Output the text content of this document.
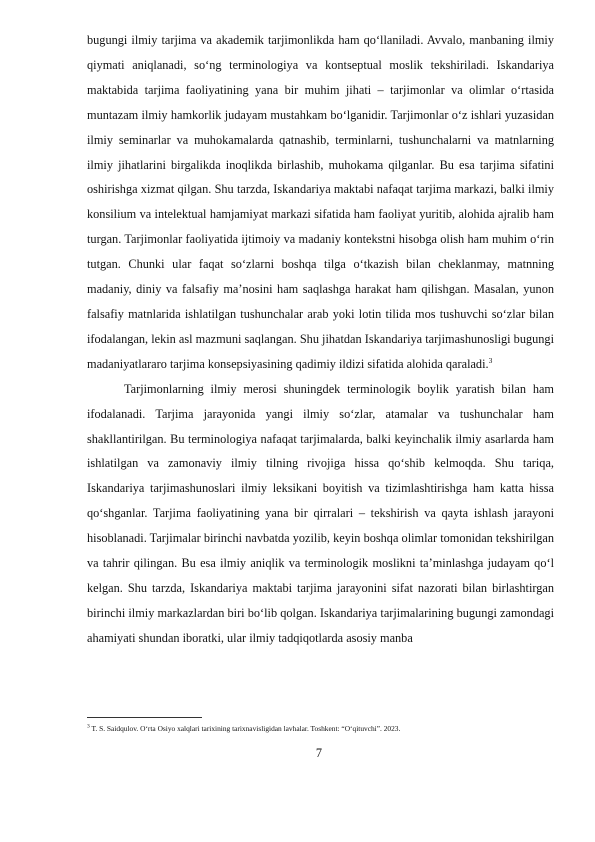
bugungi ilmiy tarjima va akademik tarjimonlikda ham qo‘llaniladi. Avvalo, manbaning ilmiy qiymati aniqlanadi, so‘ng terminologiya va kontseptual moslik tekshiriladi. Iskandariya maktabida tarjima faoliyatining yana bir muhim jihati – tarjimonlar va olimlar o‘rtasida muntazam ilmiy hamkorlik judayam mustahkam bo‘lganidir. Tarjimonlar o‘z ishlari yuzasidan ilmiy seminarlar va muhokamalarda qatnashib, terminlarni, tushunchalarni va matnlarning ilmiy jihatlarini birgalikda inoqlikda birlashib, muhokama qilganlar. Bu esa tarjima sifatini oshirishga xizmat qilgan. Shu tarzda, Iskandariya maktabi nafaqat tarjima markazi, balki ilmiy konsilium va intelektual hamjamiyat markazi sifatida ham faoliyat yuritib, alohida ajralib ham turgan. Tarjimonlar faoliyatida ijtimoiy va madaniy kontekstni hisobga olish ham muhim o‘rin tutgan. Chunki ular faqat so‘zlarni boshqa tilga o‘tkazish bilan cheklanmay, matnning madaniy, diniy va falsafiy ma’nosini ham saqlashga harakat ham qilishgan. Masalan, yunon falsafiy matnlarida ishlatilgan tushunchalar arab yoki lotin tilida mos tushuvchi so‘zlar bilan ifodalangan, lekin asl mazmuni saqlangan. Shu jihatdan Iskandariya tarjimashunosligi bugungi madaniyatlararo tarjima konsepsiyasining qadimiy ildizi sifatida alohida qaraladi.$^3$

Tarjimonlarning ilmiy merosi shuningdek terminologik boylik yaratish bilan ham ifodalanadi. Tarjima jarayonida yangi ilmiy so‘zlar, atamalar va tushunchalar ham shakllantirilgan. Bu terminologiya nafaqat tarjimalarda, balki keyinchalik ilmiy asarlarda ham ishlatilgan va zamonaviy ilmiy tilning rivojiga hissa qo‘shib kelmoqda. Shu tariqa, Iskandariya tarjimashunoslari ilmiy leksikani boyitish va tizimlashtirishga ham katta hissa qo‘shganlar. Tarjima faoliyatining yana bir qirralari – tekshirish va qayta ishlash jarayoni hisoblanadi. Tarjimalar birinchi navbatda yozilib, keyin boshqa olimlar tomonidan tekshirilgan va tahrir qilingan. Bu esa ilmiy aniqlik va terminologik moslikni ta’minlashga judayam qo‘l kelgan. Shu tarzda, Iskandariya maktabi tarjima jarayonini sifat nazorati bilan birlashtirgan birinchi ilmiy markazlardan biri bo‘lib qolgan. Iskandariya tarjimalarining bugungi zamondagi ahamiyati shundan iboratki, ular ilmiy tadqiqotlarda asosiy manba

$^3$ T. S. Saidqulov. O‘rta Osiyo xalqlari tarixining tarixnavisligidan lavhalar. Toshkent: “O‘qituvchi”. 2023.
7
